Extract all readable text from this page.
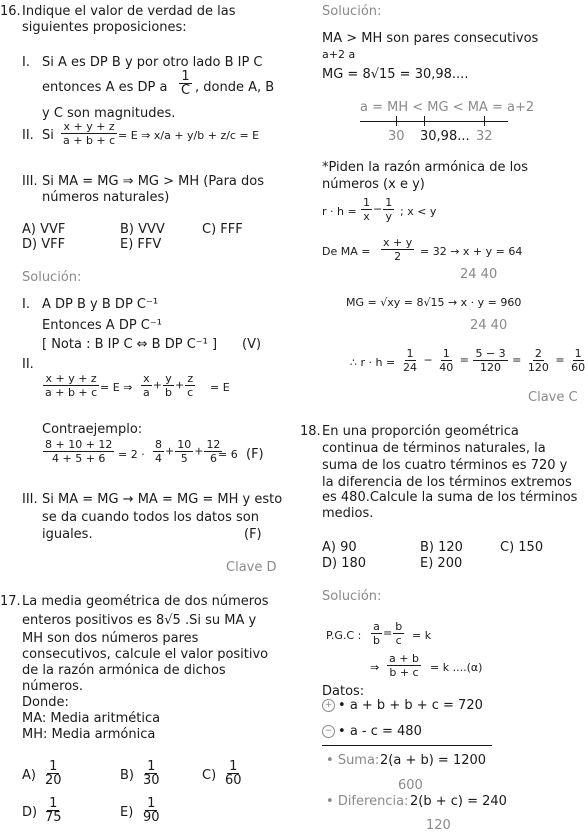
16. Indique el valor de verdad de las
siguientes proposiciones:
I. Si A es DP B y por otro lado B IP C
entonces A es DP a $\frac{1}{C}$ , donde A, B
y C son magnitudes.
II. Si $\frac{x + y + z}{a + b + c} = E$ ⇒ x/a + y/b + z/c = E
III. Si MA = MG ⇒ MG > MH (Para dos
números naturales)
A) VVF	B) VVV	C) FFF
D) VFF	E) FFV
Solución:
I. A DP B y B DP C⁻¹
Entonces A DP C⁻¹
[ Nota : B IP C ⇔ B DP C⁻¹ ] (V)
II.
$\frac{x + y + z}{a + b + c} = E$ ⇒ $\frac{x}{a} + \frac{y}{b} + \frac{z}{c} = E$
Contraejemplo:
$\frac{8 + 10 + 12}{4 + 5 + 6} = 2 \cdot \frac{8}{4} + \frac{10}{5} + \frac{12}{6}$
= 6 (F)
III. Si MA = MG → MA = MG = MH y esto
se da cuando todos los datos son
iguales.	(F)
Clave D
17. La media geométrica de dos números
enteros positivos es 8√5 .Si su MA y
MH son dos números pares
consecutivos, calcule el valor positivo
de la razón armónica de dichos
números.
Donde:
MA: Media aritmética
MH: Media armónica
$A) \frac{1}{20}$	$B) \frac{1}{30}$	$C) \frac{1}{60}$
$D) \frac{1}{75}$	$E) \frac{1}{90}$
Solución:
MA > MH son pares consecutivos
a+2 a
MG = 8√15 = 30,98....
a = MH < MG < MA = a+2
30 30,98... 32
*Piden la razón armónica de los
números (x e y)
$r \cdot h = \frac{1}{x} - \frac{1}{y}$ ; x < y
De MA = $\frac{x + y}{2} = 32 \to x + y = 64$
24 40
MG = √xy = 8√15 → x · y = 960
24 40
∴ $r \cdot h = \frac{1}{24} - \frac{1}{40} = \frac{5 - 3}{120} = \frac{2}{120} = \frac{1}{60}$
Clave C
18. En una proporción geométrica
continua de términos naturales, la
suma de los cuatro términos es 720 y
la diferencia de los términos extremos
es 480.Calcule la suma de los términos
medios.
A) 90	B) 120	C) 150
D) 180	E) 200
Solución:
P.G.C : $\frac{a}{b} = \frac{b}{c} = k$
⇒ $\frac{a + b}{b + c} = k$ ....(α)
Datos:
+ • a + b + b + c = 720
− • a - c = 480
• Suma: 2(a + b) = 1200
600
• Diferencia: 2(b + c) = 240
120
